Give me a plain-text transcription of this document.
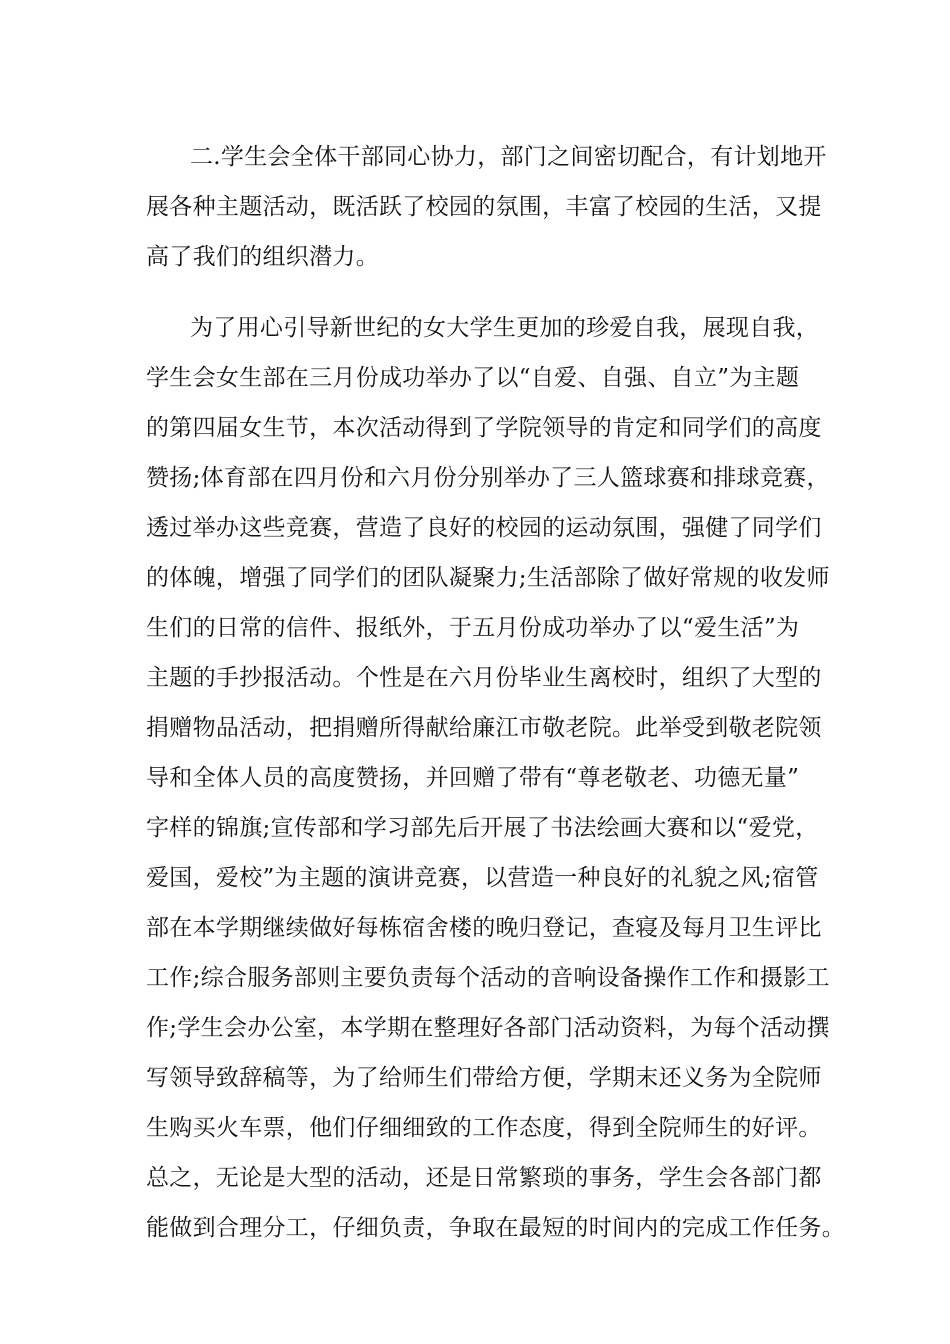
二.学生会全体干部同心协力，部门之间密切配合，有计划地开
展各种主题活动，既活跃了校园的氛围，丰富了校园的生活，又提
高了我们的组织潜力。
为了用心引导新世纪的女大学生更加的珍爱自我，展现自我，
学生会女生部在三月份成功举办了以“自爱、自强、自立”为主题
的第四届女生节，本次活动得到了学院领导的肯定和同学们的高度
赞扬;体育部在四月份和六月份分别举办了三人篮球赛和排球竞赛，
透过举办这些竞赛，营造了良好的校园的运动氛围，强健了同学们
的体魄，增强了同学们的团队凝聚力;生活部除了做好常规的收发师
生们的日常的信件、报纸外，于五月份成功举办了以“爱生活”为
主题的手抄报活动。个性是在六月份毕业生离校时，组织了大型的
捐赠物品活动，把捐赠所得献给廉江市敬老院。此举受到敬老院领
导和全体人员的高度赞扬，并回赠了带有“尊老敬老、功德无量”
字样的锦旗;宣传部和学习部先后开展了书法绘画大赛和以“爱党，
爱国，爱校”为主题的演讲竞赛，以营造一种良好的礼貌之风;宿管
部在本学期继续做好每栋宿舍楼的晚归登记，查寝及每月卫生评比
工作;综合服务部则主要负责每个活动的音响设备操作工作和摄影工
作;学生会办公室，本学期在整理好各部门活动资料，为每个活动撰
写领导致辞稿等，为了给师生们带给方便，学期末还义务为全院师
生购买火车票，他们仔细细致的工作态度，得到全院师生的好评。
总之，无论是大型的活动，还是日常繁琐的事务，学生会各部门都
能做到合理分工，仔细负责，争取在最短的时间内的完成工作任务。
